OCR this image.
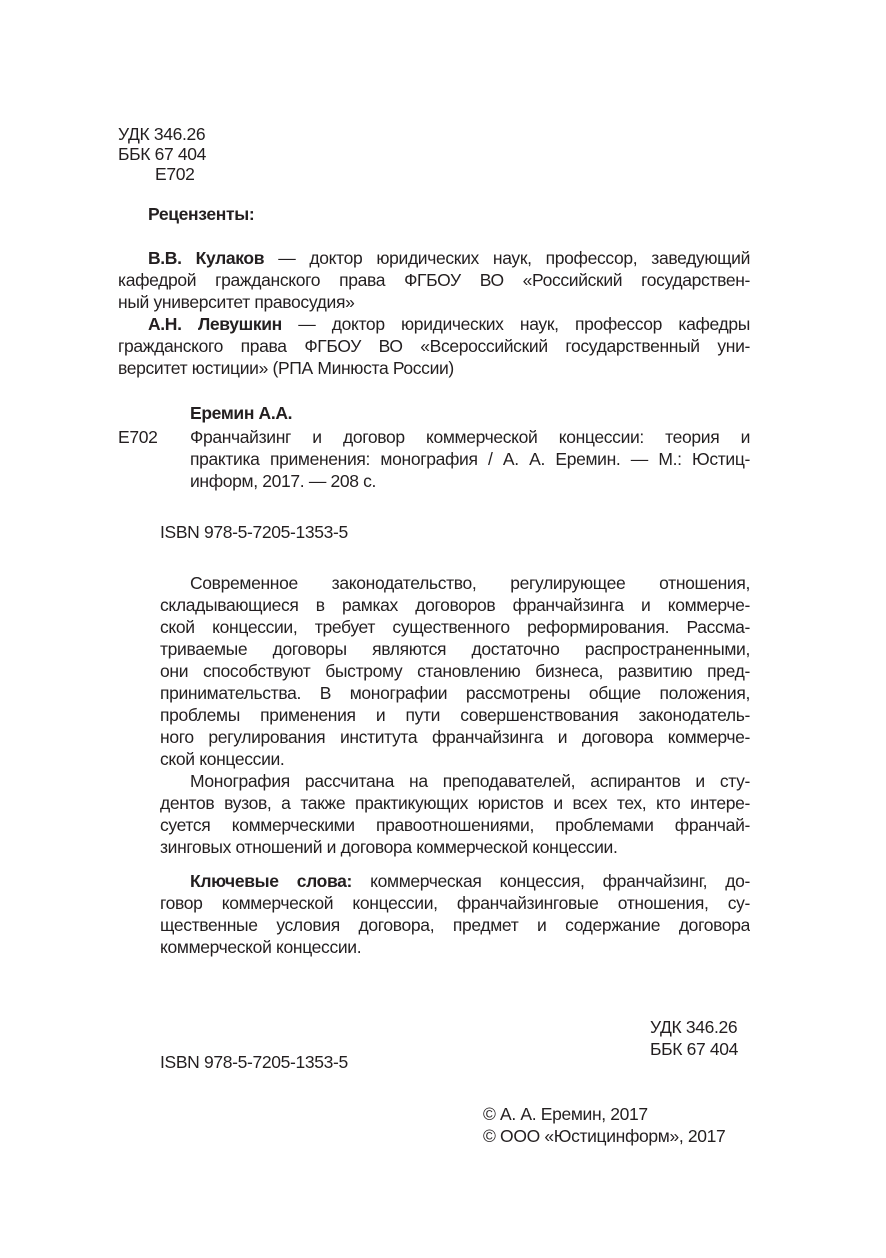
УДК 346.26
ББК 67 404
Е702
Рецензенты:
В.В. Кулаков — доктор юридических наук, профессор, заведующий
кафедрой гражданского права ФГБОУ ВО «Российский государствен-
ный университет правосудия»
А.Н. Левушкин — доктор юридических наук, профессор кафедры
гражданского права ФГБОУ ВО «Всероссийский государственный уни-
верситет юстиции» (РПА Минюста России)
Еремин А.А.
Е702 Франчайзинг и договор коммерческой концессии: теория и
практика применения: монография / А. А. Еремин. — М.: Юстиц-
информ, 2017. — 208 с.
ISBN 978-5-7205-1353-5
Современное законодательство, регулирующее отношения,
складывающиеся в рамках договоров франчайзинга и коммерче-
ской концессии, требует существенного реформирования. Рассма-
триваемые договоры являются достаточно распространенными,
они способствуют быстрому становлению бизнеса, развитию пред-
принимательства. В монографии рассмотрены общие положения,
проблемы применения и пути совершенствования законодатель-
ного регулирования института франчайзинга и договора коммерче-
ской концессии.
Монография рассчитана на преподавателей, аспирантов и сту-
дентов вузов, а также практикующих юристов и всех тех, кто интере-
суется коммерческими правоотношениями, проблемами франчай-
зинговых отношений и договора коммерческой концессии.
Ключевые слова: коммерческая концессия, франчайзинг, до-
говор коммерческой концессии, франчайзинговые отношения, су-
щественные условия договора, предмет и содержание договора
коммерческой концессии.
УДК 346.26
ББК 67 404
ISBN 978-5-7205-1353-5
© А. А. Еремин, 2017
© ООО «Юстицинформ», 2017
